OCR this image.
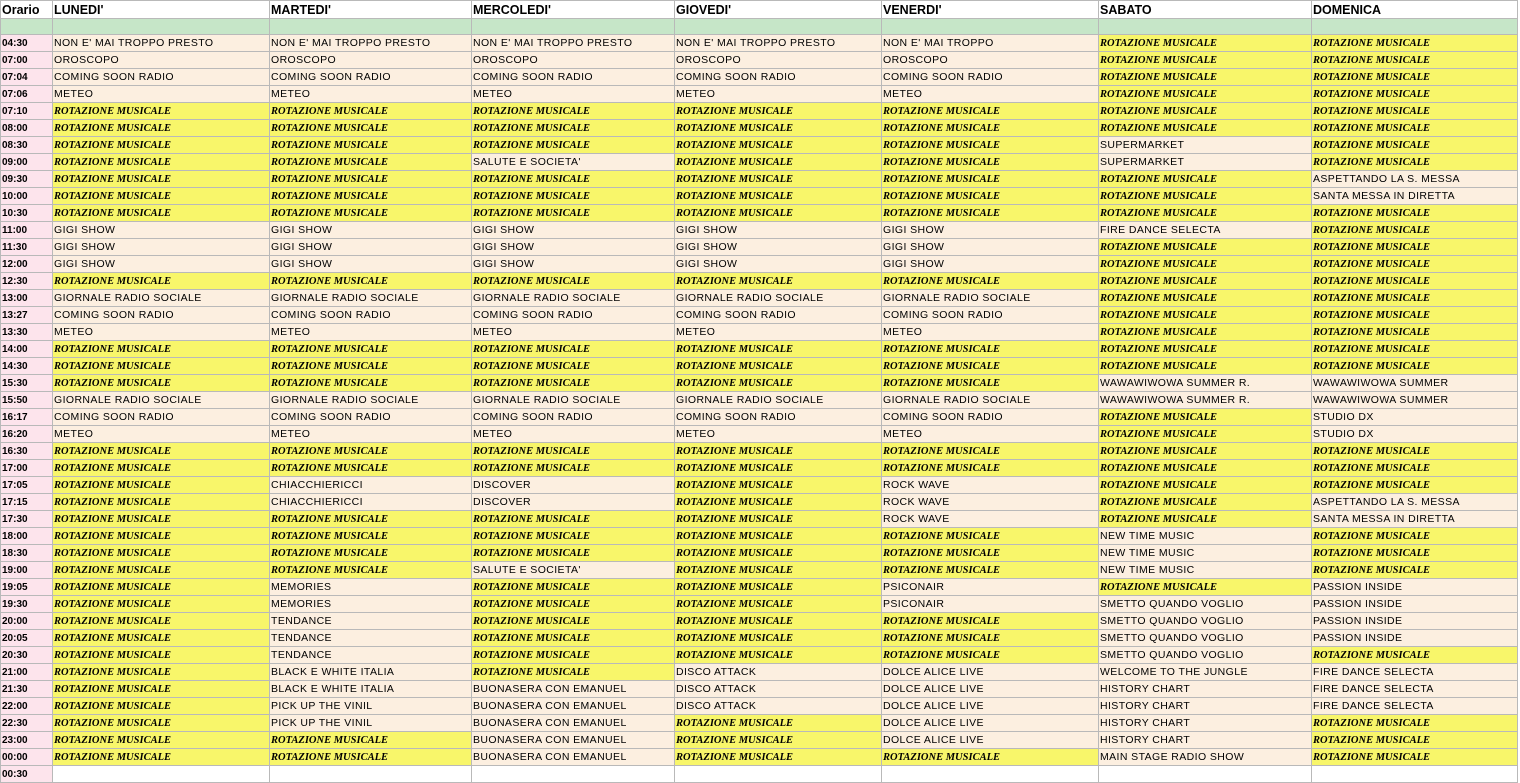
Orario	LUNEDI'	MARTEDI'	MERCOLEDI'	GIOVEDI'	VENERDI'	SABATO	DOMENICA

04:30	NON E' MAI TROPPO PRESTO	NON E' MAI TROPPO PRESTO	NON E' MAI TROPPO PRESTO	NON E' MAI TROPPO PRESTO	NON E' MAI TROPPO	ROTAZIONE MUSICALE	ROTAZIONE MUSICALE
07:00	OROSCOPO	OROSCOPO	OROSCOPO	OROSCOPO	OROSCOPO	ROTAZIONE MUSICALE	ROTAZIONE MUSICALE
07:04	COMING SOON RADIO	COMING SOON RADIO	COMING SOON RADIO	COMING SOON RADIO	COMING SOON RADIO	ROTAZIONE MUSICALE	ROTAZIONE MUSICALE
07:06	METEO	METEO	METEO	METEO	METEO	ROTAZIONE MUSICALE	ROTAZIONE MUSICALE
07:10	ROTAZIONE MUSICALE	ROTAZIONE MUSICALE	ROTAZIONE MUSICALE	ROTAZIONE MUSICALE	ROTAZIONE MUSICALE	ROTAZIONE MUSICALE	ROTAZIONE MUSICALE
08:00	ROTAZIONE MUSICALE	ROTAZIONE MUSICALE	ROTAZIONE MUSICALE	ROTAZIONE MUSICALE	ROTAZIONE MUSICALE	ROTAZIONE MUSICALE	ROTAZIONE MUSICALE
08:30	ROTAZIONE MUSICALE	ROTAZIONE MUSICALE	ROTAZIONE MUSICALE	ROTAZIONE MUSICALE	ROTAZIONE MUSICALE	SUPERMARKET	ROTAZIONE MUSICALE
09:00	ROTAZIONE MUSICALE	ROTAZIONE MUSICALE	SALUTE E SOCIETA'	ROTAZIONE MUSICALE	ROTAZIONE MUSICALE	SUPERMARKET	ROTAZIONE MUSICALE
09:30	ROTAZIONE MUSICALE	ROTAZIONE MUSICALE	ROTAZIONE MUSICALE	ROTAZIONE MUSICALE	ROTAZIONE MUSICALE	ROTAZIONE MUSICALE	ASPETTANDO LA S. MESSA
10:00	ROTAZIONE MUSICALE	ROTAZIONE MUSICALE	ROTAZIONE MUSICALE	ROTAZIONE MUSICALE	ROTAZIONE MUSICALE	ROTAZIONE MUSICALE	SANTA MESSA IN DIRETTA
10:30	ROTAZIONE MUSICALE	ROTAZIONE MUSICALE	ROTAZIONE MUSICALE	ROTAZIONE MUSICALE	ROTAZIONE MUSICALE	ROTAZIONE MUSICALE	ROTAZIONE MUSICALE
11:00	GIGI SHOW	GIGI SHOW	GIGI SHOW	GIGI SHOW	GIGI SHOW	FIRE DANCE SELECTA	ROTAZIONE MUSICALE
11:30	GIGI SHOW	GIGI SHOW	GIGI SHOW	GIGI SHOW	GIGI SHOW	ROTAZIONE MUSICALE	ROTAZIONE MUSICALE
12:00	GIGI SHOW	GIGI SHOW	GIGI SHOW	GIGI SHOW	GIGI SHOW	ROTAZIONE MUSICALE	ROTAZIONE MUSICALE
12:30	ROTAZIONE MUSICALE	ROTAZIONE MUSICALE	ROTAZIONE MUSICALE	ROTAZIONE MUSICALE	ROTAZIONE MUSICALE	ROTAZIONE MUSICALE	ROTAZIONE MUSICALE
13:00	GIORNALE RADIO SOCIALE	GIORNALE RADIO SOCIALE	GIORNALE RADIO SOCIALE	GIORNALE RADIO SOCIALE	GIORNALE RADIO SOCIALE	ROTAZIONE MUSICALE	ROTAZIONE MUSICALE
13:27	COMING SOON RADIO	COMING SOON RADIO	COMING SOON RADIO	COMING SOON RADIO	COMING SOON RADIO	ROTAZIONE MUSICALE	ROTAZIONE MUSICALE
13:30	METEO	METEO	METEO	METEO	METEO	ROTAZIONE MUSICALE	ROTAZIONE MUSICALE
14:00	ROTAZIONE MUSICALE	ROTAZIONE MUSICALE	ROTAZIONE MUSICALE	ROTAZIONE MUSICALE	ROTAZIONE MUSICALE	ROTAZIONE MUSICALE	ROTAZIONE MUSICALE
14:30	ROTAZIONE MUSICALE	ROTAZIONE MUSICALE	ROTAZIONE MUSICALE	ROTAZIONE MUSICALE	ROTAZIONE MUSICALE	ROTAZIONE MUSICALE	ROTAZIONE MUSICALE
15:30	ROTAZIONE MUSICALE	ROTAZIONE MUSICALE	ROTAZIONE MUSICALE	ROTAZIONE MUSICALE	ROTAZIONE MUSICALE	WAWAWIWOWA SUMMER R.	WAWAWIWOWA SUMMER
15:50	GIORNALE RADIO SOCIALE	GIORNALE RADIO SOCIALE	GIORNALE RADIO SOCIALE	GIORNALE RADIO SOCIALE	GIORNALE RADIO SOCIALE	WAWAWIWOWA SUMMER R.	WAWAWIWOWA SUMMER
16:17	COMING SOON RADIO	COMING SOON RADIO	COMING SOON RADIO	COMING SOON RADIO	COMING SOON RADIO	ROTAZIONE MUSICALE	STUDIO DX
16:20	METEO	METEO	METEO	METEO	METEO	ROTAZIONE MUSICALE	STUDIO DX
16:30	ROTAZIONE MUSICALE	ROTAZIONE MUSICALE	ROTAZIONE MUSICALE	ROTAZIONE MUSICALE	ROTAZIONE MUSICALE	ROTAZIONE MUSICALE	ROTAZIONE MUSICALE
17:00	ROTAZIONE MUSICALE	ROTAZIONE MUSICALE	ROTAZIONE MUSICALE	ROTAZIONE MUSICALE	ROTAZIONE MUSICALE	ROTAZIONE MUSICALE	ROTAZIONE MUSICALE
17:05	ROTAZIONE MUSICALE	CHIACCHIERICCI	DISCOVER	ROTAZIONE MUSICALE	ROCK WAVE	ROTAZIONE MUSICALE	ROTAZIONE MUSICALE
17:15	ROTAZIONE MUSICALE	CHIACCHIERICCI	DISCOVER	ROTAZIONE MUSICALE	ROCK WAVE	ROTAZIONE MUSICALE	ASPETTANDO LA S. MESSA
17:30	ROTAZIONE MUSICALE	ROTAZIONE MUSICALE	ROTAZIONE MUSICALE	ROTAZIONE MUSICALE	ROCK WAVE	ROTAZIONE MUSICALE	SANTA MESSA IN DIRETTA
18:00	ROTAZIONE MUSICALE	ROTAZIONE MUSICALE	ROTAZIONE MUSICALE	ROTAZIONE MUSICALE	ROTAZIONE MUSICALE	NEW TIME MUSIC	ROTAZIONE MUSICALE
18:30	ROTAZIONE MUSICALE	ROTAZIONE MUSICALE	ROTAZIONE MUSICALE	ROTAZIONE MUSICALE	ROTAZIONE MUSICALE	NEW TIME MUSIC	ROTAZIONE MUSICALE
19:00	ROTAZIONE MUSICALE	ROTAZIONE MUSICALE	SALUTE E SOCIETA'	ROTAZIONE MUSICALE	ROTAZIONE MUSICALE	NEW TIME MUSIC	ROTAZIONE MUSICALE
19:05	ROTAZIONE MUSICALE	MEMORIES	ROTAZIONE MUSICALE	ROTAZIONE MUSICALE	PSICONAIR	ROTAZIONE MUSICALE	PASSION INSIDE
19:30	ROTAZIONE MUSICALE	MEMORIES	ROTAZIONE MUSICALE	ROTAZIONE MUSICALE	PSICONAIR	SMETTO QUANDO VOGLIO	PASSION INSIDE
20:00	ROTAZIONE MUSICALE	TENDANCE	ROTAZIONE MUSICALE	ROTAZIONE MUSICALE	ROTAZIONE MUSICALE	SMETTO QUANDO VOGLIO	PASSION INSIDE
20:05	ROTAZIONE MUSICALE	TENDANCE	ROTAZIONE MUSICALE	ROTAZIONE MUSICALE	ROTAZIONE MUSICALE	SMETTO QUANDO VOGLIO	PASSION INSIDE
20:30	ROTAZIONE MUSICALE	TENDANCE	ROTAZIONE MUSICALE	ROTAZIONE MUSICALE	ROTAZIONE MUSICALE	SMETTO QUANDO VOGLIO	ROTAZIONE MUSICALE
21:00	ROTAZIONE MUSICALE	BLACK E WHITE ITALIA	ROTAZIONE MUSICALE	DISCO ATTACK	DOLCE ALICE LIVE	WELCOME TO THE JUNGLE	FIRE DANCE SELECTA
21:30	ROTAZIONE MUSICALE	BLACK E WHITE ITALIA	BUONASERA CON EMANUEL	DISCO ATTACK	DOLCE ALICE LIVE	HISTORY CHART	FIRE DANCE SELECTA
22:00	ROTAZIONE MUSICALE	PICK UP THE VINIL	BUONASERA CON EMANUEL	DISCO ATTACK	DOLCE ALICE LIVE	HISTORY CHART	FIRE DANCE SELECTA
22:30	ROTAZIONE MUSICALE	PICK UP THE VINIL	BUONASERA CON EMANUEL	ROTAZIONE MUSICALE	DOLCE ALICE LIVE	HISTORY CHART	ROTAZIONE MUSICALE
23:00	ROTAZIONE MUSICALE	ROTAZIONE MUSICALE	BUONASERA CON EMANUEL	ROTAZIONE MUSICALE	DOLCE ALICE LIVE	HISTORY CHART	ROTAZIONE MUSICALE
00:00	ROTAZIONE MUSICALE	ROTAZIONE MUSICALE	BUONASERA CON EMANUEL	ROTAZIONE MUSICALE	ROTAZIONE MUSICALE	MAIN STAGE RADIO SHOW	ROTAZIONE MUSICALE
00:30							
